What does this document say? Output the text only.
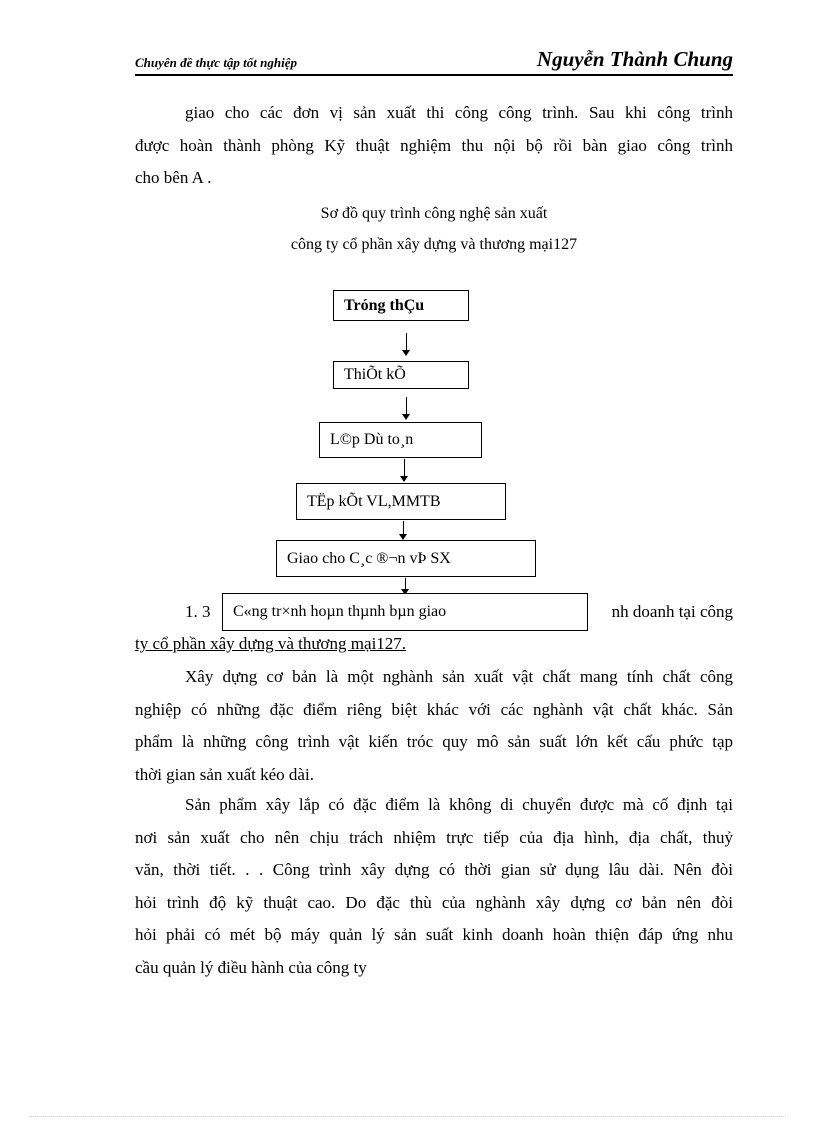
Chuyên đề thực tập tốt nghiệp	Nguyễn Thành Chung
giao cho các đơn vị sản xuất thi công công trình. Sau khi công trình
được hoàn thành phòng Kỹ thuật nghiệm thu nội bộ rồi bàn giao công trình
cho bên A .
Sơ đồ quy trình công nghệ sản xuất
công ty cổ phần xây dựng và thương mại127
1. 3	nh doanh tại công
ty cổ phần xây dựng và thương mại127.
Tróng thÇu
ThiÕt kÕ
L©p Dù to¸n
TËp kÕt VL,MMTB
Giao cho C¸c ®¬n vÞ SX
C«ng tr×nh hoµn thµnh bµn giao
Xây dựng cơ bản là một nghành sản xuất vật chất mang tính chất công
nghiệp có những đặc điểm riêng biệt khác với các nghành vật chất khác. Sản
phẩm là những công trình vật kiến tróc quy mô sản suất lớn kết cấu phức tạp
thời gian sản xuất kéo dài.
Sản phẩm xây lắp có đặc điểm là không di chuyển được mà cố định tại
nơi sản xuất cho nên chịu trách nhiệm trực tiếp của địa hình, địa chất, thuỷ
văn, thời tiết. . . Công trình xây dựng có thời gian sử dụng lâu dài. Nên đòi
hỏi trình độ kỹ thuật cao. Do đặc thù của nghành xây dựng cơ bản nên đòi
hỏi phải có mét bộ máy quản lý sản suất kinh doanh hoàn thiện đáp ứng nhu
cầu quản lý điều hành của công ty
